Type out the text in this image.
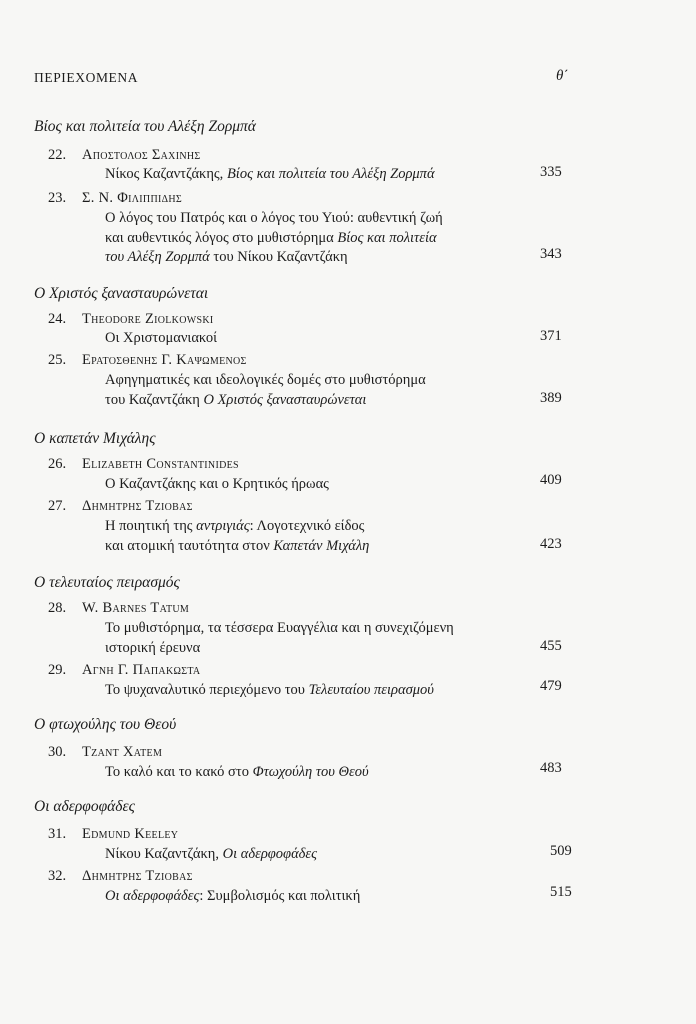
ΠΕΡΙΕΧΟΜΕΝΑ	θ΄
Βίος και πολιτεία του Αλέξη Ζορμπά
22. Αποστολος Σαχινης
Νίκος Καζαντζάκης, Βίος και πολιτεία του Αλέξη Ζορμπά	335
23. Σ. Ν. Φιλιππιδης
Ο λόγος του Πατρός και ο λόγος του Υιού: αυθεντική ζωή
και αυθεντικός λόγος στο μυθιστόρημα Βίος και πολιτεία
του Αλέξη Ζορμπά του Νίκου Καζαντζάκη	343
Ο Χριστός ξανασταυρώνεται
24. Theodore Ziolkowski
Οι Χριστομανιακοί	371
25. Ερατοσθενης Γ. Καψωμενος
Αφηγηματικές και ιδεολογικές δομές στο μυθιστόρημα
του Καζαντζάκη Ο Χριστός ξανασταυρώνεται	389
Ο καπετάν Μιχάλης
26. Elizabeth Constantinides
Ο Καζαντζάκης και ο Κρητικός ήρωας	409
27. Δημητρης Τζιοβας
Η ποιητική της αντριγιάς: Λογοτεχνικό είδος
και ατομική ταυτότητα στον Καπετάν Μιχάλη	423
Ο τελευταίος πειρασμός
28. W. Barnes Tatum
Το μυθιστόρημα, τα τέσσερα Ευαγγέλια και η συνεχιζόμενη
ιστορική έρευνα	455
29. Αγνη Γ. Παπακωστα
Το ψυχαναλυτικό περιεχόμενο του Τελευταίου πειρασμού	479
Ο φτωχούλης του Θεού
30. Τζαντ Χατεμ
Το καλό και το κακό στο Φτωχούλη του Θεού	483
Οι αδερφοφάδες
31. Edmund Keeley
Νίκου Καζαντζάκη, Οι αδερφοφάδες	509
32. Δημητρης Τζιοβας
Οι αδερφοφάδες: Συμβολισμός και πολιτική	515
